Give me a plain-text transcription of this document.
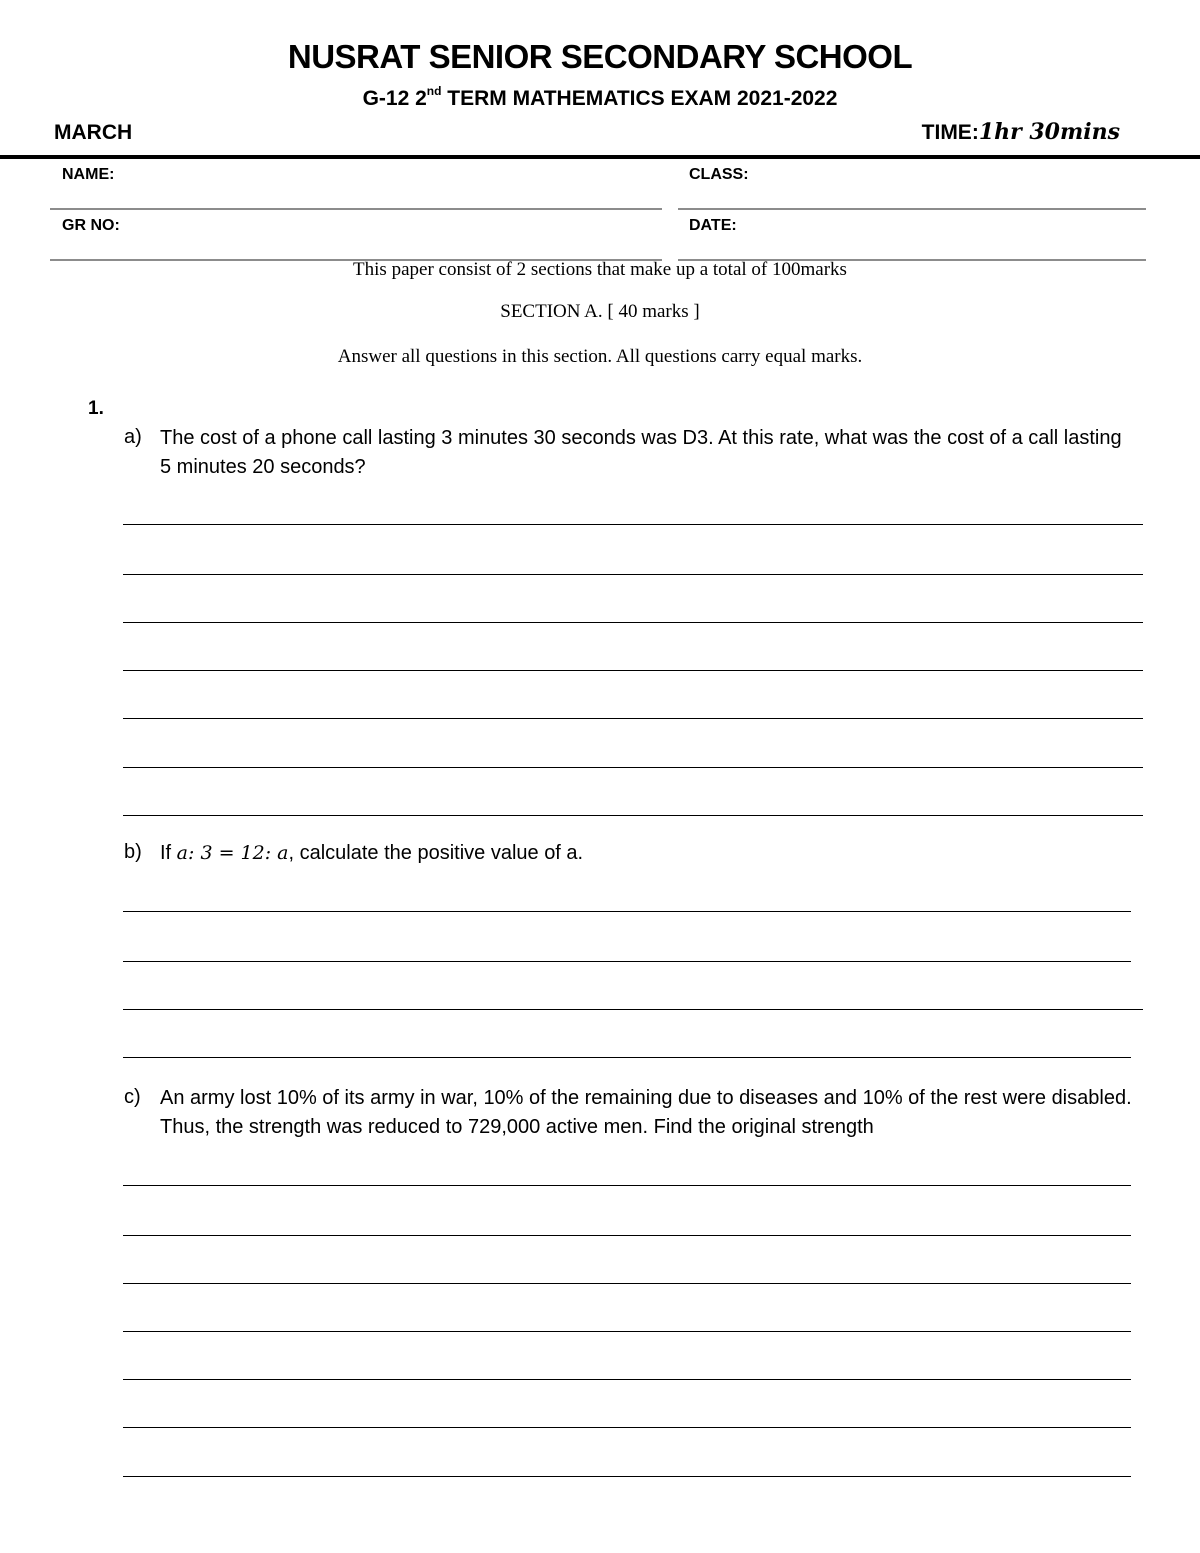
NUSRAT SENIOR SECONDARY SCHOOL
G-12 2nd TERM MATHEMATICS EXAM 2021-2022
MARCH	TIME:1hr 30mins
NAME:	CLASS:
GR NO:	DATE:
This paper consist of 2 sections that make up a total of 100marks
SECTION A. [ 40 marks ]
Answer all questions in this section. All questions carry equal marks.
1.
a) The cost of a phone call lasting 3 minutes 30 seconds was D3. At this rate, what was the cost of a call lasting 5 minutes 20 seconds?
b) If a: 3 = 12: a, calculate the positive value of a.
c) An army lost 10% of its army in war, 10% of the remaining due to diseases and 10% of the rest were disabled. Thus, the strength was reduced to 729,000 active men. Find the original strength
